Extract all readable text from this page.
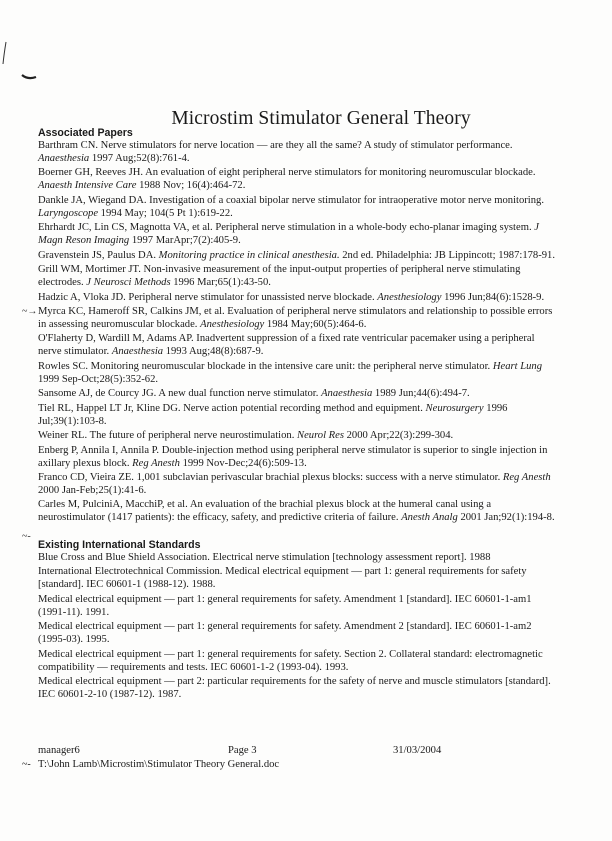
Microstim Stimulator General Theory
~→
~-
Associated Papers
Barthram CN. Nerve stimulators for nerve location — are they all the same? A study of stimulator performance. Anaesthesia 1997 Aug;52(8):761-4.
Boerner GH, Reeves JH. An evaluation of eight peripheral nerve stimulators for monitoring neuromuscular blockade. Anaesth Intensive Care 1988 Nov; 16(4):464-72.
Dankle JA, Wiegand DA. Investigation of a coaxial bipolar nerve stimulator for intraoperative motor nerve monitoring. Laryngoscope 1994 May; 104(5 Pt 1):619-22.
Ehrhardt JC, Lin CS, Magnotta VA, et al. Peripheral nerve stimulation in a whole-body echo-planar imaging system. J Magn Reson Imaging 1997 MarApr;7(2):405-9.
Gravenstein JS, Paulus DA. Monitoring practice in clinical anesthesia. 2nd ed. Philadelphia: JB Lippincott; 1987:178-91.
Grill WM, Mortimer JT. Non-invasive measurement of the input-output properties of peripheral nerve stimulating electrodes. J Neurosci Methods 1996 Mar;65(1):43-50.
Hadzic A, Vloka JD. Peripheral nerve stimulator for unassisted nerve blockade. Anesthesiology 1996 Jun;84(6):1528-9.
Myrca KC, Hameroff SR, Calkins JM, et al. Evaluation of peripheral nerve stimulators and relationship to possible errors in assessing neuromuscular blockade. Anesthesiology 1984 May;60(5):464-6.
O'Flaherty D, Wardill M, Adams AP. Inadvertent suppression of a fixed rate ventricular pacemaker using a peripheral nerve stimulator. Anaesthesia 1993 Aug;48(8):687-9.
Rowles SC. Monitoring neuromuscular blockade in the intensive care unit: the peripheral nerve stimulator. Heart Lung 1999 Sep-Oct;28(5):352-62.
Sansome AJ, de Courcy JG. A new dual function nerve stimulator. Anaesthesia 1989 Jun;44(6):494-7.
Tiel RL, Happel LT Jr, Kline DG. Nerve action potential recording method and equipment. Neurosurgery 1996 Jul;39(1):103-8.
Weiner RL. The future of peripheral nerve neurostimulation. Neurol Res 2000 Apr;22(3):299-304.
Enberg P, Annila I, Annila P. Double-injection method using peripheral nerve stimulator is superior to single injection in axillary plexus block. Reg Anesth 1999 Nov-Dec;24(6):509-13.
Franco CD, Vieira ZE. 1,001 subclavian perivascular brachial plexus blocks: success with a nerve stimulator. Reg Anesth 2000 Jan-Feb;25(1):41-6.
Carles M, PulciniA, MacchiP, et al. An evaluation of the brachial plexus block at the humeral canal using a neurostimulator (1417 patients): the efficacy, safety, and predictive criteria of failure. Anesth Analg 2001 Jan;92(1):194-8.
Existing International Standards
Blue Cross and Blue Shield Association. Electrical nerve stimulation [technology assessment report]. 1988
International Electrotechnical Commission. Medical electrical equipment — part 1: general requirements for safety [standard]. IEC 60601-1 (1988-12). 1988.
Medical electrical equipment — part 1: general requirements for safety. Amendment 1 [standard]. IEC 60601-1-am1 (1991-11). 1991.
Medical electrical equipment — part 1: general requirements for safety. Amendment 2 [standard]. IEC 60601-1-am2 (1995-03). 1995.
Medical electrical equipment — part 1: general requirements for safety. Section 2. Collateral standard: electromagnetic compatibility — requirements and tests. IEC 60601-1-2 (1993-04). 1993.
Medical electrical equipment — part 2: particular requirements for the safety of nerve and muscle stimulators [standard]. IEC 60601-2-10 (1987-12). 1987.
manager6	Page 3	31/03/2004
~- T:\John Lamb\Microstim\Stimulator Theory General.doc
